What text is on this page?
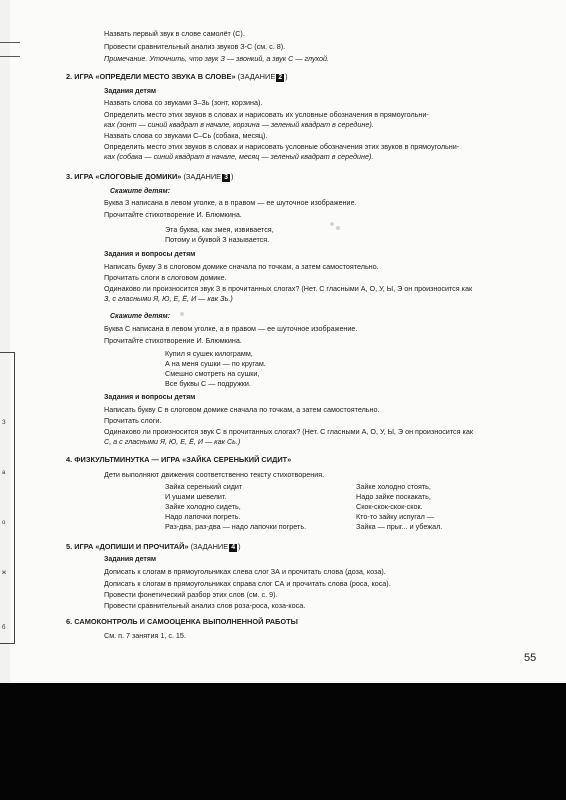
З
а
о
ж
б
Назвать первый звук в слове самолёт (С).
Провести сравнительный анализ звуков З-С (см. с. 8).
Примечание. Уточнить, что звук З — звонкий, а звук С — глухой.
2. ИГРА «ОПРЕДЕЛИ МЕСТО ЗВУКА В СЛОВЕ» (ЗАДАНИЕ 2 )
Задания детям
Назвать слова со звуками З–Зь (зонт, корзина).
Определить место этих звуков в словах и нарисовать их условные обозначения в прямоугольни-
ках (зонт — синий квадрат в начале, корзина — зеленый квадрат в середине).
Назвать слова со звуками С–Сь (собака, месяц).
Определить место этих звуков в словах и нарисовать условные обозначения этих звуков в прямоугольни-
ках (собака — синий квадрат в начале, месяц — зеленый квадрат в середине).
3. ИГРА «СЛОГОВЫЕ ДОМИКИ» (ЗАДАНИЕ 3 )
Скажите детям:
Буква З написана в левом уголке, а в правом — ее шуточное изображение.
Прочитайте стихотворение И. Блюмкина.
Эта буква, как змея, извивается,
Потому и буквой З называется.
Задания и вопросы детям
Написать букву З в слоговом домике сначала по точкам, а затем самостоятельно.
Прочитать слоги в слоговом домике.
Одинаково ли произносится звук З в прочитанных слогах? (Нет. С гласными А, О, У, Ы, Э он произносится как
З, с гласными Я, Ю, Е, Ё, И — как Зь.)
Скажите детям:
Буква С написана в левом уголке, а в правом — ее шуточное изображение.
Прочитайте стихотворение И. Блюмкина.
Купил я сушек килограмм,
А на меня сушки — по кругам.
Смешно смотреть на сушки,
Все буквы С — подружки.
Задания и вопросы детям
Написать букву С в слоговом домике сначала по точкам, а затем самостоятельно.
Прочитать слоги.
Одинаково ли произносится звук С в прочитанных слогах? (Нет. С гласными А, О, У, Ы, Э он произносится как
С, а с гласными Я, Ю, Е, Ё, И — как Сь.)
4. ФИЗКУЛЬТМИНУТКА — ИГРА «ЗАЙКА СЕРЕНЬКИЙ СИДИТ»
Дети выполняют движения соответственно тексту стихотворения.
Зайка серенький сидит
И ушами шевелит.
Зайке холодно сидеть,
Надо лапочки погреть.
Раз-два, раз-два — надо лапочки погреть.
Зайке холодно стоять,
Надо зайке поскакать,
Скок-скок-скок-скок.
Кто-то зайку испугал —
Зайка — прыг... и убежал.
5. ИГРА «ДОПИШИ И ПРОЧИТАЙ» (ЗАДАНИЕ 4 )
Задания детям
Дописать к слогам в прямоугольниках слева слог ЗА и прочитать слова (доза, коза).
Дописать к слогам в прямоугольниках справа слог СА и прочитать слова (роса, коса).
Провести фонетический разбор этих слов (см. с. 9).
Провести сравнительный анализ слов роза-роса, коза-коса.
6. САМОКОНТРОЛЬ И САМООЦЕНКА ВЫПОЛНЕННОЙ РАБОТЫ
См. п. 7 занятия 1, с. 15.
55
